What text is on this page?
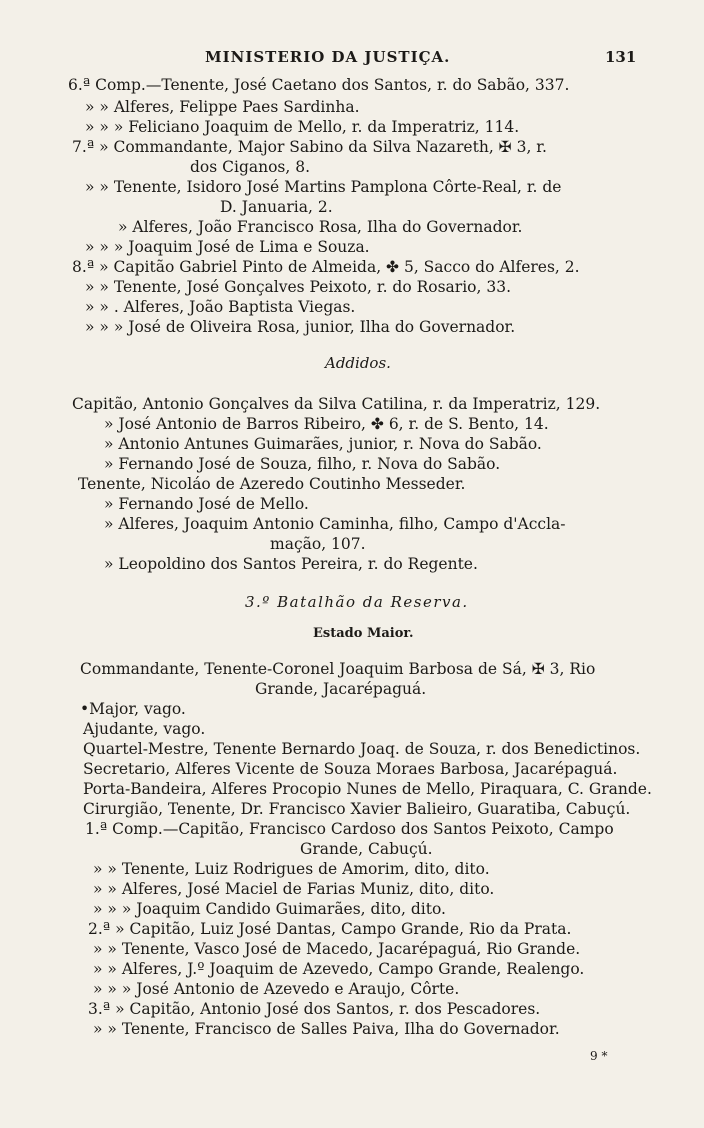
MINISTERIO DA JUSTIÇA.	131
6.ª Comp.—Tenente, José Caetano dos Santos, r. do Sabão, 337.
» » Alferes, Felippe Paes Sardinha.
» » » Feliciano Joaquim de Mello, r. da Imperatriz, 114.
7.ª » Commandante, Major Sabino da Silva Nazareth, ✠ 3, r.
dos Ciganos, 8.
» » Tenente, Isidoro José Martins Pamplona Côrte-Real, r. de
D. Januaria, 2.
» Alferes, João Francisco Rosa, Ilha do Governador.
» » » Joaquim José de Lima e Souza.
8.ª » Capitão Gabriel Pinto de Almeida, ✤ 5, Sacco do Alferes, 2.
» » Tenente, José Gonçalves Peixoto, r. do Rosario, 33.
» » . Alferes, João Baptista Viegas.
» » » José de Oliveira Rosa, junior, Ilha do Governador.
Addidos.
Capitão, Antonio Gonçalves da Silva Catilina, r. da Imperatriz, 129.
» José Antonio de Barros Ribeiro, ✤ 6, r. de S. Bento, 14.
» Antonio Antunes Guimarães, junior, r. Nova do Sabão.
» Fernando José de Souza, filho, r. Nova do Sabão.
Tenente, Nicoláo de Azeredo Coutinho Messeder.
» Fernando José de Mello.
» Alferes, Joaquim Antonio Caminha, filho, Campo d'Accla-
mação, 107.
» Leopoldino dos Santos Pereira, r. do Regente.
3.º Batalhão da Reserva.
Estado Maior.
Commandante, Tenente-Coronel Joaquim Barbosa de Sá, ✠ 3, Rio
Grande, Jacarépaguá.
•Major, vago.
Ajudante, vago.
Quartel-Mestre, Tenente Bernardo Joaq. de Souza, r. dos Benedictinos.
Secretario, Alferes Vicente de Souza Moraes Barbosa, Jacarépaguá.
Porta-Bandeira, Alferes Procopio Nunes de Mello, Piraquara, C. Grande.
Cirurgião, Tenente, Dr. Francisco Xavier Balieiro, Guaratiba, Cabuçú.
1.ª Comp.—Capitão, Francisco Cardoso dos Santos Peixoto, Campo
Grande, Cabuçú.
» » Tenente, Luiz Rodrigues de Amorim, dito, dito.
» » Alferes, José Maciel de Farias Muniz, dito, dito.
» » » Joaquim Candido Guimarães, dito, dito.
2.ª » Capitão, Luiz José Dantas, Campo Grande, Rio da Prata.
» » Tenente, Vasco José de Macedo, Jacarépaguá, Rio Grande.
» » Alferes, J.º Joaquim de Azevedo, Campo Grande, Realengo.
» » » José Antonio de Azevedo e Araujo, Côrte.
3.ª » Capitão, Antonio José dos Santos, r. dos Pescadores.
» » Tenente, Francisco de Salles Paiva, Ilha do Governador.
9 *
